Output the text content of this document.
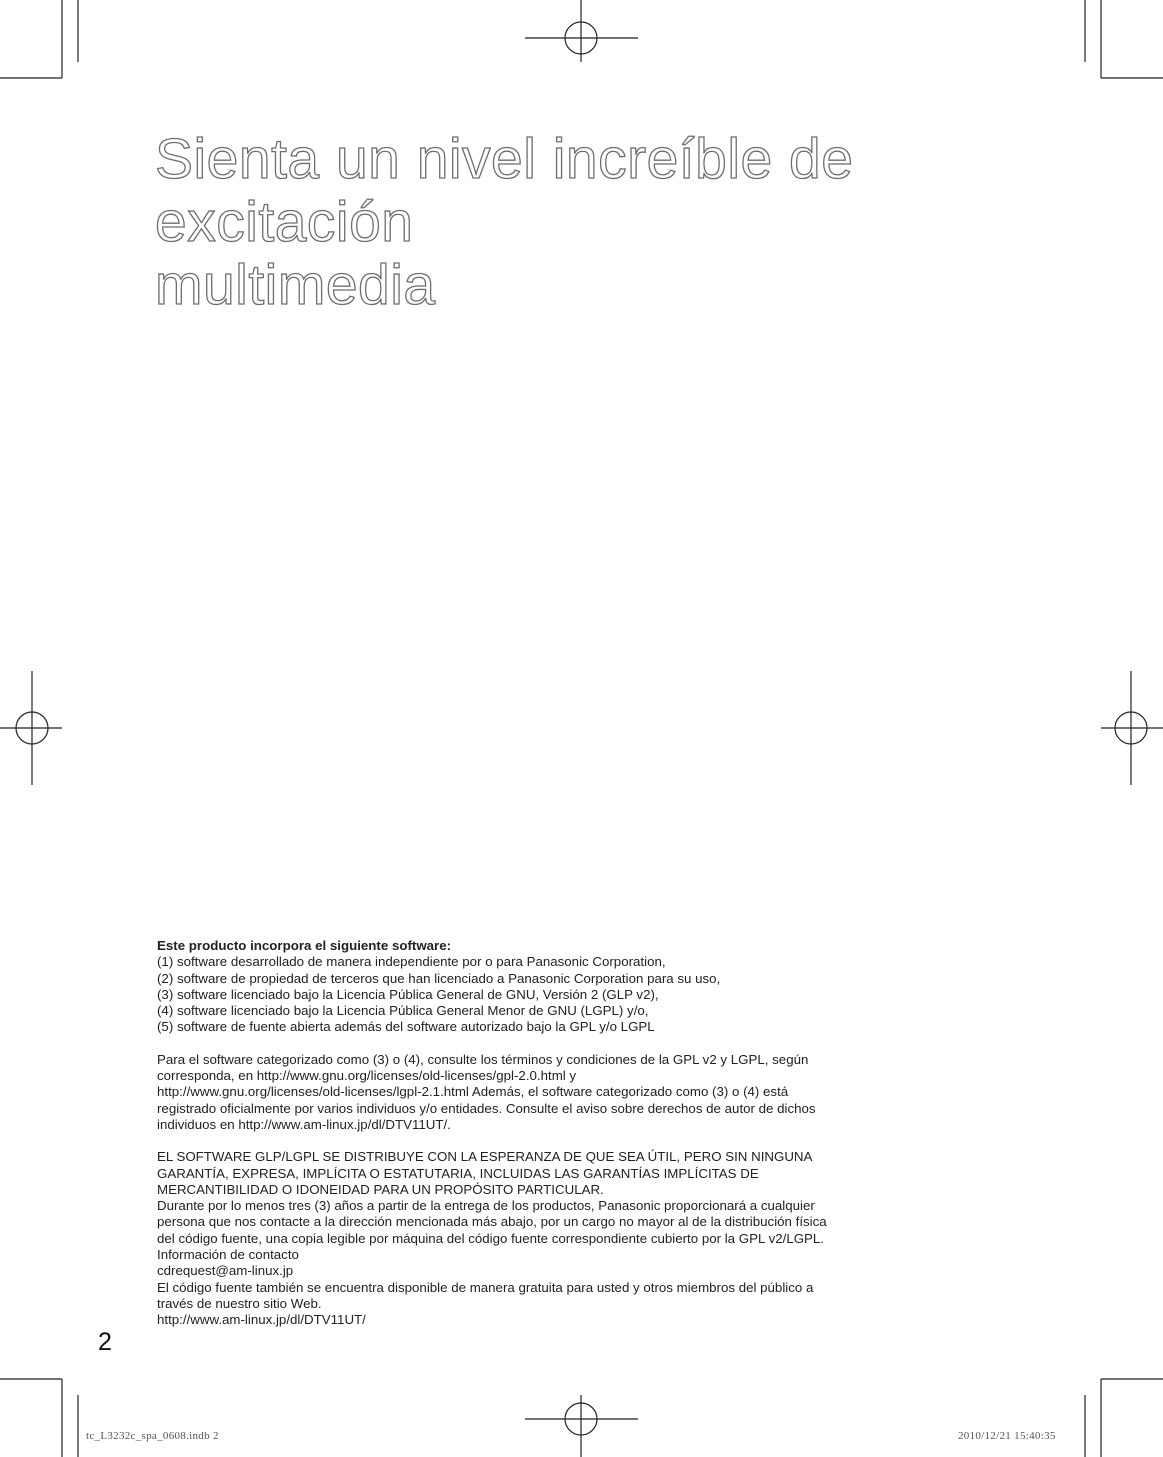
Sienta un nivel increíble de excitación
multimedia

Este producto incorpora el siguiente software:

(1) software desarrollado de manera independiente por o para Panasonic Corporation,
(2) software de propiedad de terceros que han licenciado a Panasonic Corporation para su uso,
(3) software licenciado bajo la Licencia Pública General de GNU, Versión 2 (GLP v2),
(4) software licenciado bajo la Licencia Pública General Menor de GNU (LGPL) y/o,
(5) software de fuente abierta además del software autorizado bajo la GPL y/o LGPL
Para el software categorizado como (3) o (4), consulte los términos y condiciones de la GPL v2 y LGPL, según
corresponda, en http://www.gnu.org/licenses/old-licenses/gpl-2.0.html y
http://www.gnu.org/licenses/old-licenses/lgpl-2.1.html Además, el software categorizado como (3) o (4) está
registrado oficialmente por varios individuos y/o entidades. Consulte el aviso sobre derechos de autor de dichos
individuos en http://www.am-linux.jp/dl/DTV11UT/.
EL SOFTWARE GLP/LGPL SE DISTRIBUYE CON LA ESPERANZA DE QUE SEA ÚTIL, PERO SIN NINGUNA
GARANTÍA, EXPRESA, IMPLÍCITA O ESTATUTARIA, INCLUIDAS LAS GARANTÍAS IMPLÍCITAS DE
MERCANTIBILIDAD O IDONEIDAD PARA UN PROPÓSITO PARTICULAR.
Durante por lo menos tres (3) años a partir de la entrega de los productos, Panasonic proporcionará a cualquier
persona que nos contacte a la dirección mencionada más abajo, por un cargo no mayor al de la distribución física
del código fuente, una copia legible por máquina del código fuente correspondiente cubierto por la GPL v2/LGPL.
Información de contacto
cdrequest@am-linux.jp
El código fuente también se encuentra disponible de manera gratuita para usted y otros miembros del público a
través de nuestro sitio Web.
http://www.am-linux.jp/dl/DTV11UT/
2
tc_L3232c_spa_0608.indb 2	2010/12/21 15:40:35
